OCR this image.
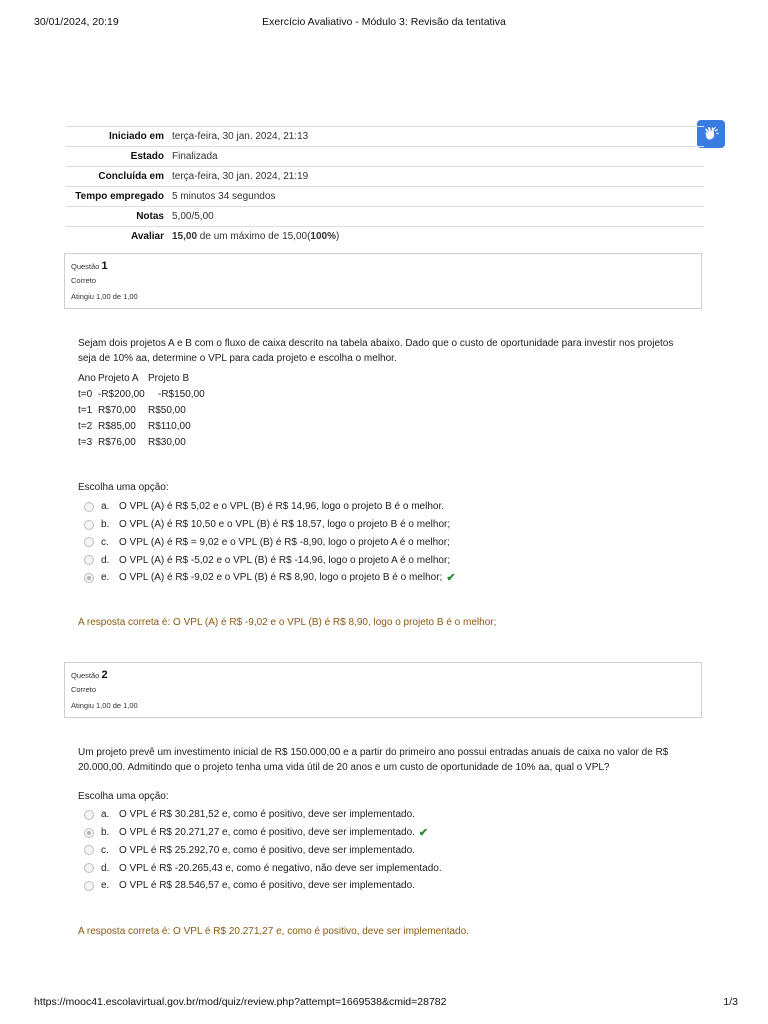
30/01/2024, 20:19	Exercício Avaliativo - Módulo 3: Revisão da tentativa
Iniciado em	terça-feira, 30 jan. 2024, 21:13
Estado	Finalizada
Concluída em	terça-feira, 30 jan. 2024, 21:19
Tempo empregado	5 minutos 34 segundos
Notas	5,00/5,00
Avaliar	15,00 de um máximo de 15,00(100%)
Questão 1
Correto
Atingiu 1,00 de 1,00
Sejam dois projetos A e B com o fluxo de caixa descrito na tabela abaixo. Dado que o custo de oportunidade para investir nos projetos seja de 10% aa, determine o VPL para cada projeto e escolha o melhor.
Ano Projeto A Projeto B
t=0 -R$200,00 -R$150,00
t=1 R$70,00 R$50,00
t=2 R$85,00 R$110,00
t=3 R$76,00 R$30,00
Escolha uma opção:
a. O VPL (A) é R$ 5,02 e o VPL (B) é R$ 14,96, logo o projeto B é o melhor.
b. O VPL (A) é R$ 10,50 e o VPL (B) é R$ 18,57, logo o projeto B é o melhor;
c.	O VPL (A) é R$ = 9,02 e o VPL (B) é R$ -8,90, logo o projeto A é o melhor;
d. O VPL (A) é R$ -5,02 e o VPL (B) é R$ -14,96, logo o projeto A é o melhor;
e. O VPL (A) é R$ -9,02 e o VPL (B) é R$ 8,90, logo o projeto B é o melhor; ✔
A resposta correta é: O VPL (A) é R$ -9,02 e o VPL (B) é R$ 8,90, logo o projeto B é o melhor;
Questão 2
Correto
Atingiu 1,00 de 1,00
Um projeto prevê um investimento inicial de R$ 150.000,00 e a partir do primeiro ano possui entradas anuais de caixa no valor de R$ 20.000,00. Admitindo que o projeto tenha uma vida útil de 20 anos e um custo de oportunidade de 10% aa, qual o VPL?
Escolha uma opção:
a. O VPL é R$ 30.281,52 e, como é positivo, deve ser implementado.
b. O VPL é R$ 20.271,27 e, como é positivo, deve ser implementado. ✔
c.	O VPL é R$ 25.292,70 e, como é positivo, deve ser implementado.
d. O VPL é R$ -20.265,43 e, como é negativo, não deve ser implementado.
e. O VPL é R$ 28.546,57 e, como é positivo, deve ser implementado.
A resposta correta é: O VPL é R$ 20.271,27 e, como é positivo, deve ser implementado.
https://mooc41.escolavirtual.gov.br/mod/quiz/review.php?attempt=1669538&cmid=28782	1/3
